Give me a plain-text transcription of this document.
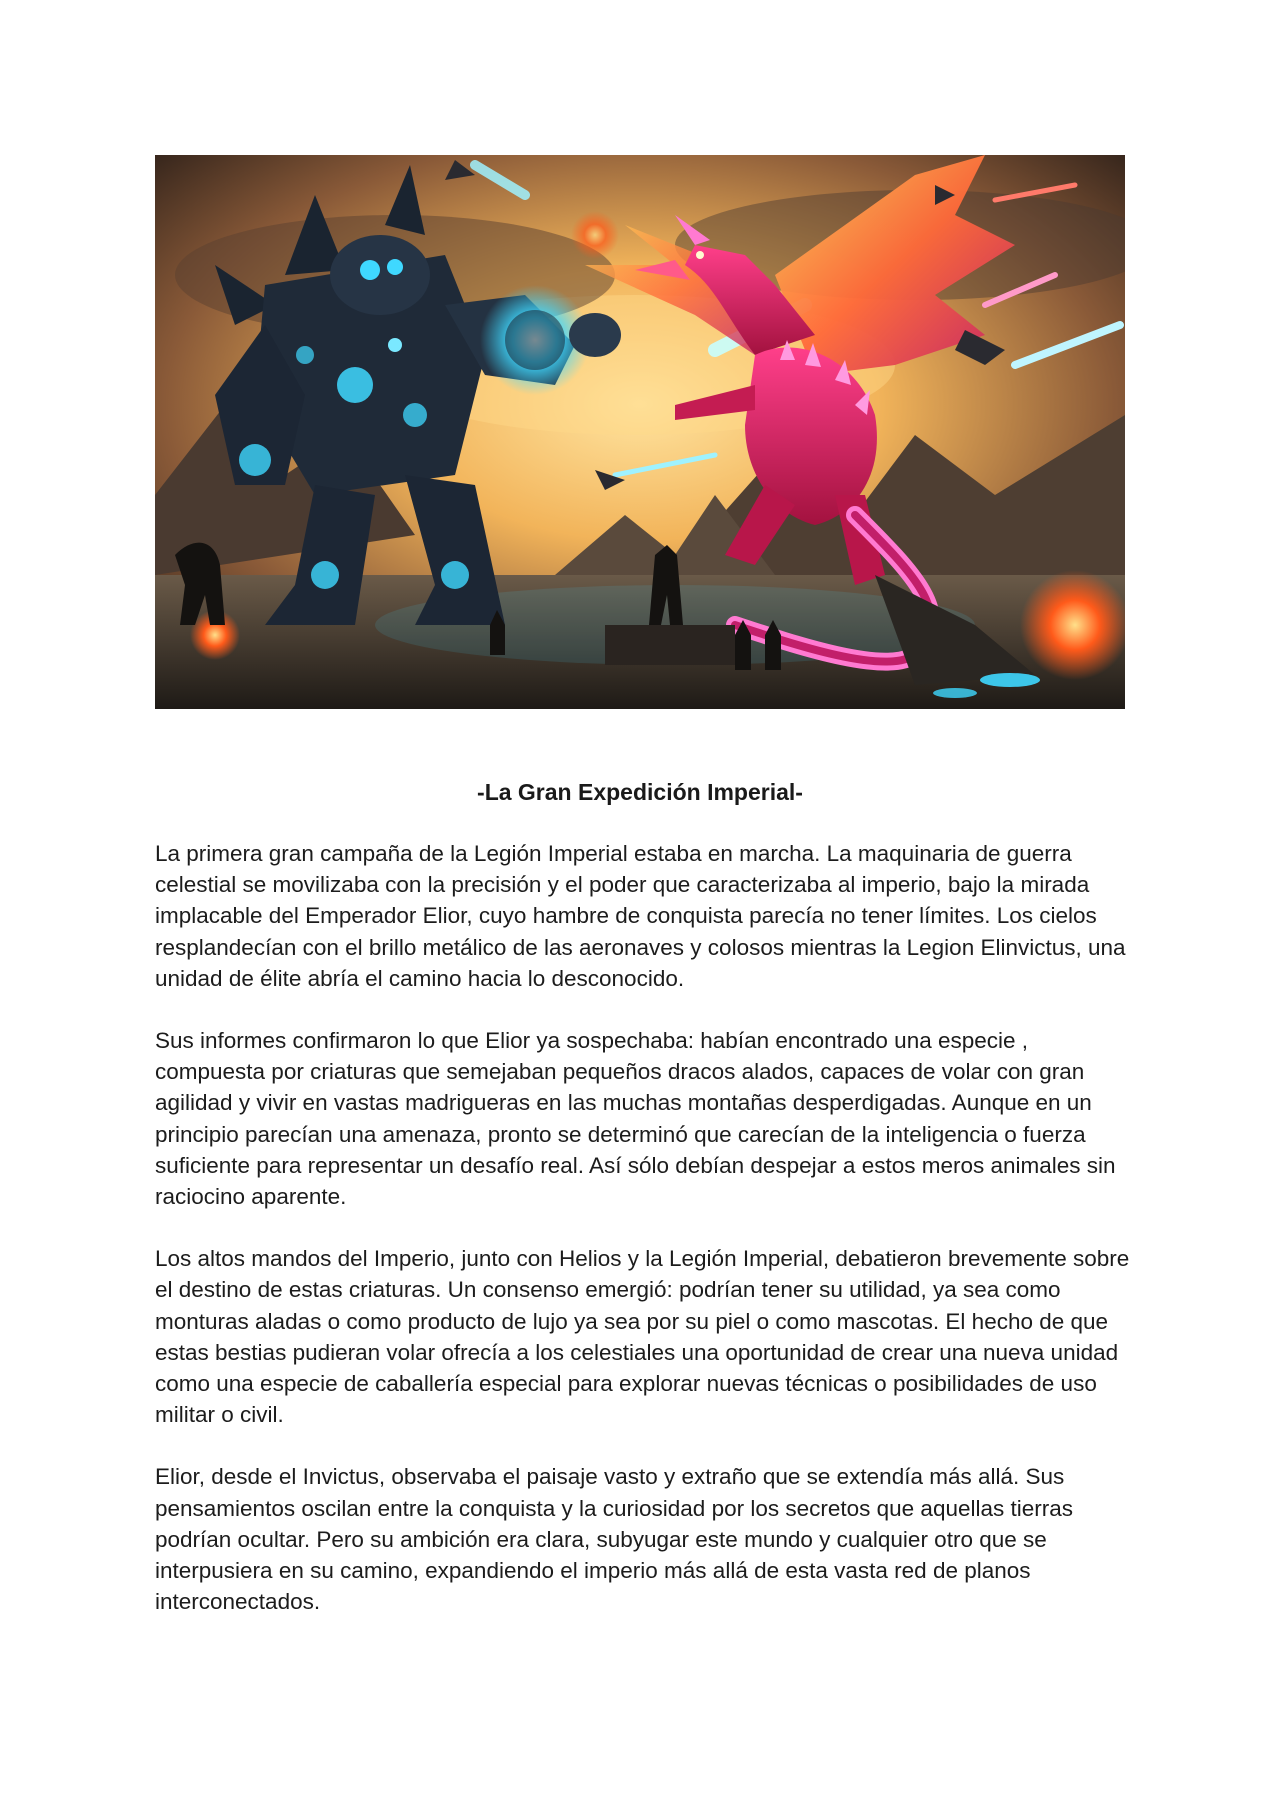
-La Gran Expedición Imperial-

La primera gran campaña de la Legión Imperial estaba en marcha. La maquinaria de guerra celestial se movilizaba con la precisión y el poder que caracterizaba al imperio, bajo la mirada implacable del Emperador Elior, cuyo hambre de conquista parecía no tener límites. Los cielos resplandecían con el brillo metálico de las aeronaves y colosos mientras la Legion Elinvictus, una unidad de élite abría el camino hacia lo desconocido.

Sus informes confirmaron lo que Elior ya sospechaba: habían encontrado una especie , compuesta por criaturas que semejaban pequeños dracos alados, capaces de volar con gran agilidad y vivir en vastas madrigueras en las muchas montañas desperdigadas. Aunque en un principio parecían una amenaza, pronto se determinó que carecían de la inteligencia o fuerza suficiente para representar un desafío real. Así sólo debían despejar a estos meros animales sin raciocino aparente.

Los altos mandos del Imperio, junto con Helios y la Legión Imperial, debatieron brevemente sobre el destino de estas criaturas. Un consenso emergió: podrían tener su utilidad, ya sea como monturas aladas o como producto de lujo ya sea por su piel o como mascotas. El hecho de que estas bestias pudieran volar ofrecía a los celestiales una oportunidad de crear una nueva unidad como una especie de caballería especial para explorar nuevas técnicas o posibilidades de uso militar o civil.

Elior, desde el Invictus, observaba el paisaje vasto y extraño que se extendía más allá. Sus pensamientos oscilan entre la conquista y la curiosidad por los secretos que aquellas tierras podrían ocultar. Pero su ambición era clara, subyugar este mundo y cualquier otro que se interpusiera en su camino, expandiendo el imperio más allá de esta vasta red de planos interconectados.
